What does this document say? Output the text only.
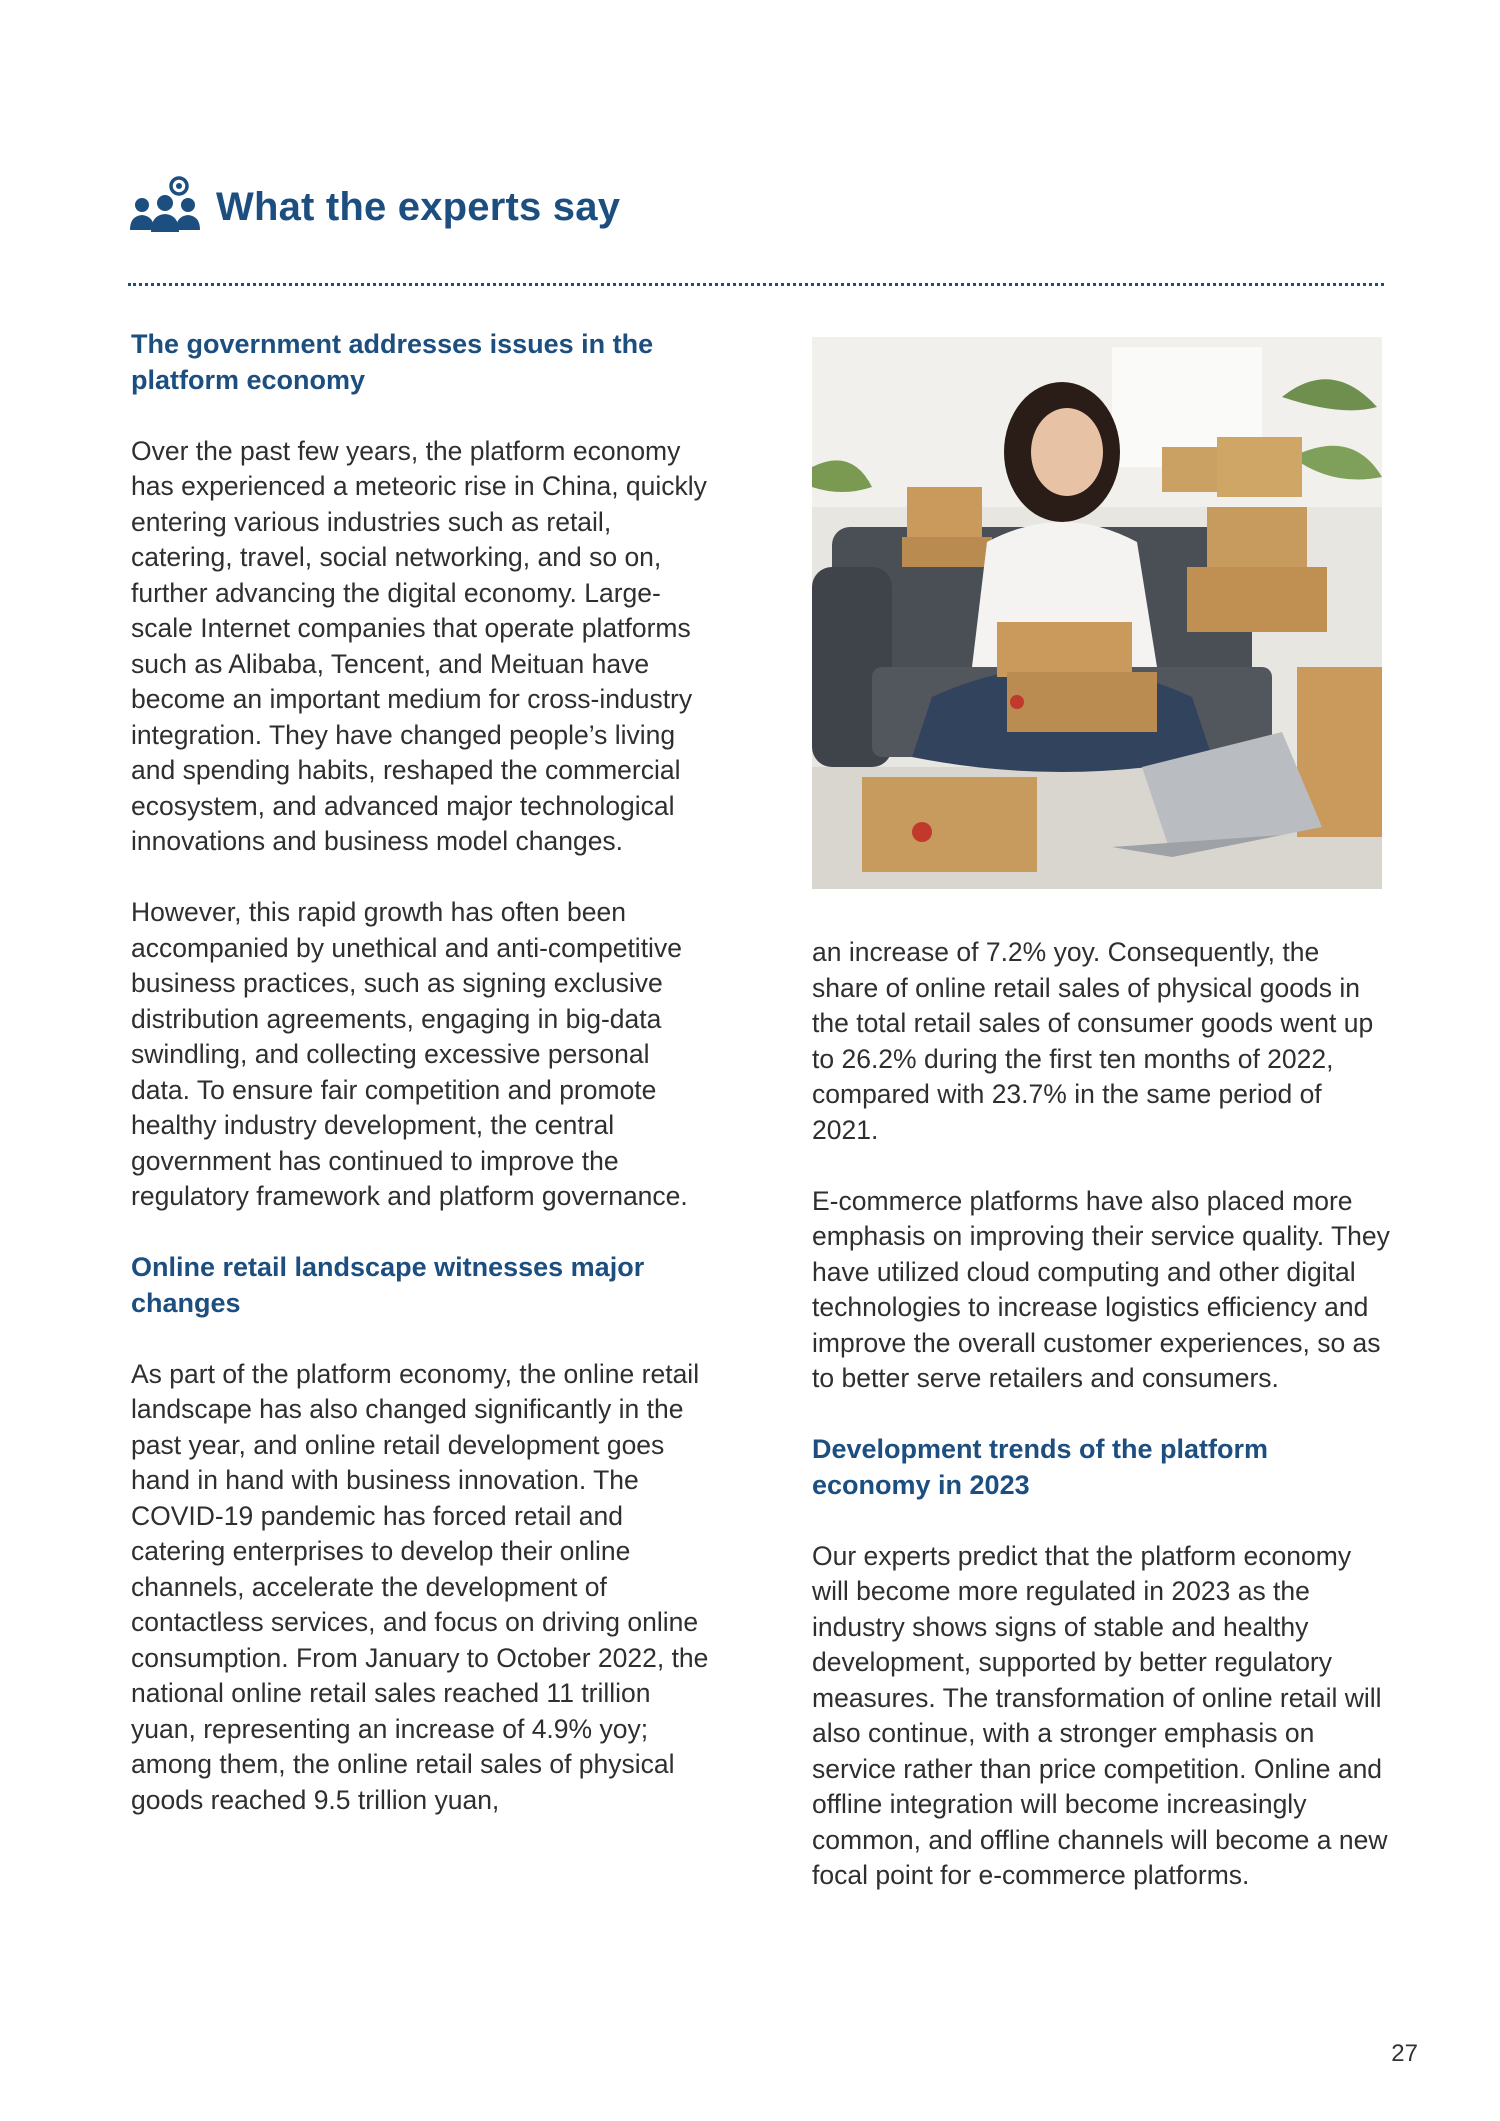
What the experts say
The government addresses issues in the platform economy

Over the past few years, the platform economy has experienced a meteoric rise in China, quickly entering various industries such as retail, catering, travel, social networking, and so on, further advancing the digital economy. Large-scale Internet companies that operate platforms such as Alibaba, Tencent, and Meituan have become an important medium for cross-industry integration. They have changed people’s living and spending habits, reshaped the commercial ecosystem, and advanced major technological innovations and business model changes.

However, this rapid growth has often been accompanied by unethical and anti-competitive business practices, such as signing exclusive distribution agreements, engaging in big-data swindling, and collecting excessive personal data. To ensure fair competition and promote healthy industry development, the central government has continued to improve the regulatory framework and platform governance.

Online retail landscape witnesses major changes

As part of the platform economy, the online retail landscape has also changed significantly in the past year, and online retail development goes hand in hand with business innovation. The COVID-19 pandemic has forced retail and catering enterprises to develop their online channels, accelerate the development of contactless services, and focus on driving online consumption. From January to October 2022, the national online retail sales reached 11 trillion yuan, representing an increase of 4.9% yoy; among them, the online retail sales of physical goods reached 9.5 trillion yuan,

an increase of 7.2% yoy. Consequently, the share of online retail sales of physical goods in the total retail sales of consumer goods went up to 26.2% during the first ten months of 2022, compared with 23.7% in the same period of 2021.

E-commerce platforms have also placed more emphasis on improving their service quality. They have utilized cloud computing and other digital technologies to increase logistics efficiency and improve the overall customer experiences, so as to better serve retailers and consumers.

Development trends of the platform economy in 2023

Our experts predict that the platform economy will become more regulated in 2023 as the industry shows signs of stable and healthy development, supported by better regulatory measures. The transformation of online retail will also continue, with a stronger emphasis on service rather than price competition. Online and offline integration will become increasingly common, and offline channels will become a new focal point for e-commerce platforms.

27
